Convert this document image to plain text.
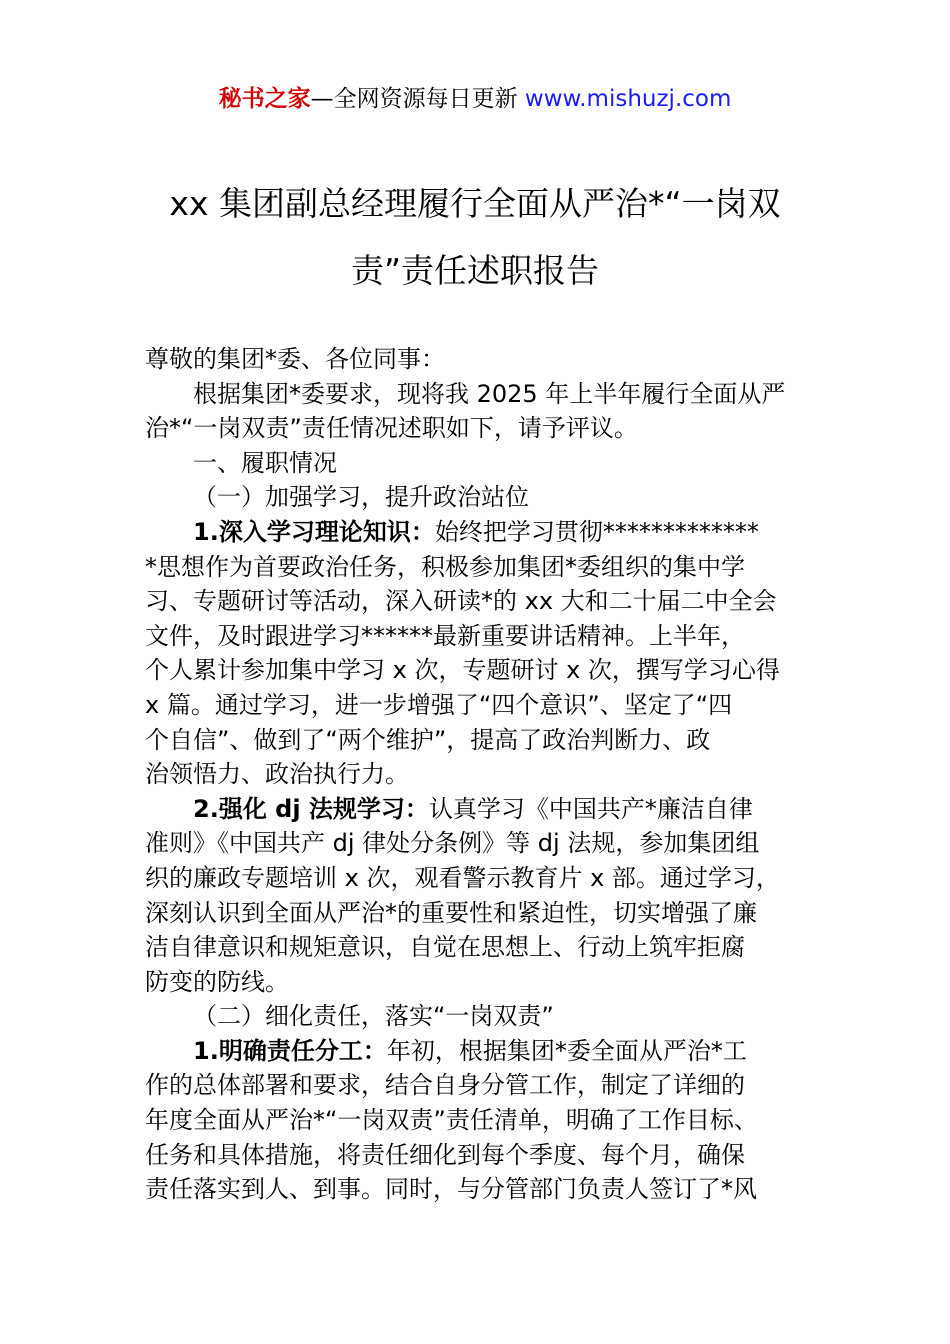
秘书之家—全网资源每日更新 www.mishuzj.com
xx 集团副总经理履行全面从严治*“一岗双
责”责任述职报告
尊敬的集团*委、各位同事：
根据集团*委要求，现将我 2025 年上半年履行全面从严
治*“一岗双责”责任情况述职如下，请予评议。
一、履职情况
（一）加强学习，提升政治站位
1.深入学习理论知识：始终把学习贯彻*************
*思想作为首要政治任务，积极参加集团*委组织的集中学
习、专题研讨等活动，深入研读*的 xx 大和二十届二中全会
文件，及时跟进学习******最新重要讲话精神。上半年，
个人累计参加集中学习 x 次，专题研讨 x 次，撰写学习心得
x 篇。通过学习，进一步增强了“四个意识”、坚定了“四
个自信”、做到了“两个维护”，提高了政治判断力、政
治领悟力、政治执行力。
2.强化 dj 法规学习：认真学习《中国共产*廉洁自律
准则》《中国共产 dj 律处分条例》等 dj 法规，参加集团组
织的廉政专题培训 x 次，观看警示教育片 x 部。通过学习，
深刻认识到全面从严治*的重要性和紧迫性，切实增强了廉
洁自律意识和规矩意识，自觉在思想上、行动上筑牢拒腐
防变的防线。
（二）细化责任，落实“一岗双责”
1.明确责任分工：年初，根据集团*委全面从严治*工
作的总体部署和要求，结合自身分管工作，制定了详细的
年度全面从严治*“一岗双责”责任清单，明确了工作目标、
任务和具体措施，将责任细化到每个季度、每个月，确保
责任落实到人、到事。同时，与分管部门负责人签订了*风
